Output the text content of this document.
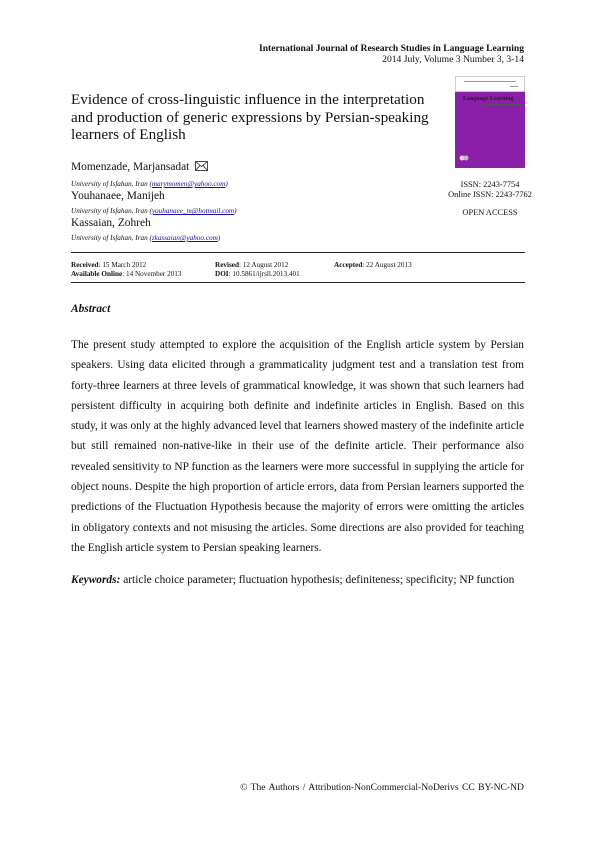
International Journal of Research Studies in Language Learning
2014 July, Volume 3 Number 3, 3-14
Language Learning
ISSN: 2243-7754
Online ISSN: 2243-7762
OPEN ACCESS
Evidence of cross-linguistic influence in the interpretation and production of generic expressions by Persian-speaking learners of English
Momenzade, Marjansadat
University of Isfahan, Iran (marymomen@yahoo.com)
Youhanaee, Manijeh
University of Isfahan, Iran (youhanaee_m@hotmail.com)
Kassaian, Zohreh
University of Isfahan, Iran (zkassaian@yahoo.com)
Received: 15 March 2012	Revised: 12 August 2012	Accepted: 22 August 2013
Available Online: 14 November 2013	DOI: 10.5861/ijrsll.2013.401
Abstract
The present study attempted to explore the acquisition of the English article system by Persian speakers. Using data elicited through a grammaticality judgment test and a translation test from forty-three learners at three levels of grammatical knowledge, it was shown that such learners had persistent difficulty in acquiring both definite and indefinite articles in English. Based on this study, it was only at the highly advanced level that learners showed mastery of the indefinite article but still remained non-native-like in their use of the definite article. Their performance also revealed sensitivity to NP function as the learners were more successful in supplying the article for object nouns. Despite the high proportion of article errors, data from Persian learners supported the predictions of the Fluctuation Hypothesis because the majority of errors were omitting the articles in obligatory contexts and not misusing the articles. Some directions are also provided for teaching the English article system to Persian speaking learners.
Keywords: article choice parameter; fluctuation hypothesis; definiteness; specificity; NP function
© The Authors / Attribution-NonCommercial-NoDerivs CC BY-NC-ND
